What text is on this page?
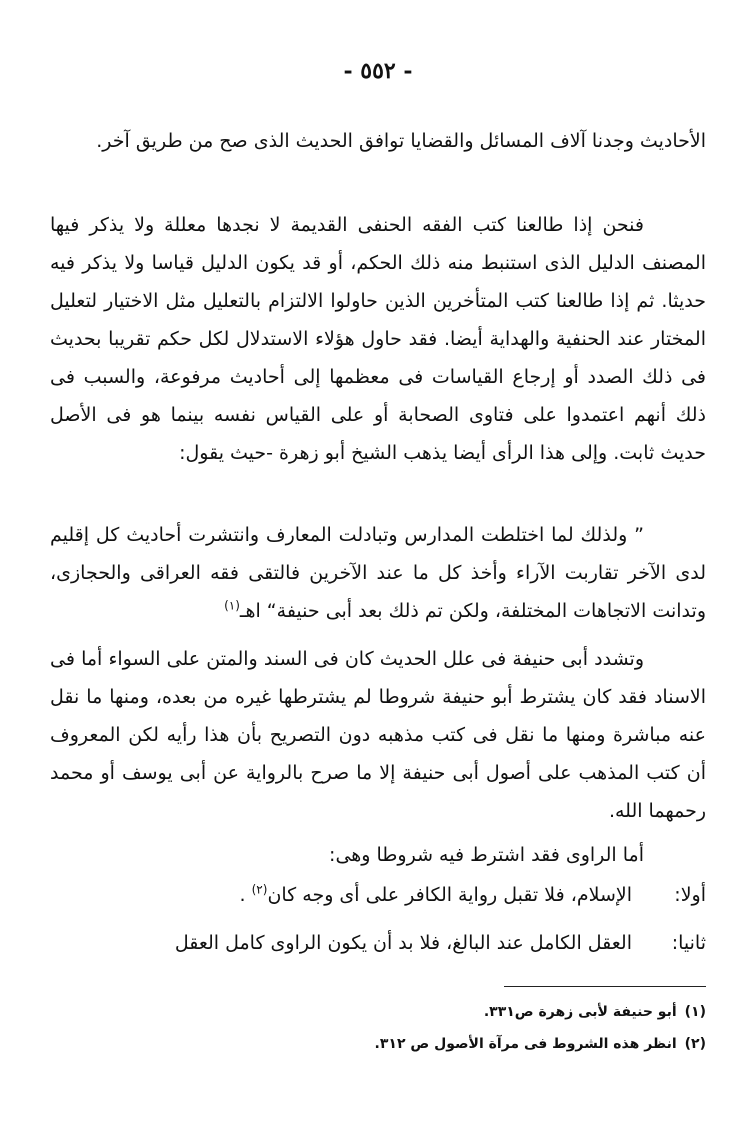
- ٥٥٢ -

الأحاديث وجدنا آلاف المسائل والقضايا توافق الحديث الذى صح من طريق آخر.

فنحن إذا طالعنا كتب الفقه الحنفى القديمة لا نجدها معللة ولا يذكر فيها المصنف الدليل الذى استنبط منه ذلك الحكم، أو قد يكون الدليل قياسا ولا يذكر فيه حديثا. ثم إذا طالعنا كتب المتأخرين الذين حاولوا الالتزام بالتعليل مثل الاختيار لتعليل المختار عند الحنفية والهداية أيضا. فقد حاول هؤلاء الاستدلال لكل حكم تقريبا بحديث فى ذلك الصدد أو إرجاع القياسات فى معظمها إلى أحاديث مرفوعة، والسبب فى ذلك أنهم اعتمدوا على فتاوى الصحابة أو على القياس نفسه بينما هو فى الأصل حديث ثابت. وإلى هذا الرأى أيضا يذهب الشيخ أبو زهرة -حيث يقول:

” ولذلك لما اختلطت المدارس وتبادلت المعارف وانتشرت أحاديث كل إقليم لدى الآخر تقاربت الآراء وأخذ كل ما عند الآخرين فالتقى فقه العراقى والحجازى، وتدانت الاتجاهات المختلفة، ولكن تم ذلك بعد أبى حنيفة“ اهـ$^{(١)}$

وتشدد أبى حنيفة فى علل الحديث كان فى السند والمتن على السواء أما فى الاسناد فقد كان يشترط أبو حنيفة شروطا لم يشترطها غيره من بعده، ومنها ما نقل عنه مباشرة ومنها ما نقل فى كتب مذهبه دون التصريح بأن هذا رأيه لكن المعروف أن كتب المذهب على أصول أبى حنيفة إلا ما صرح بالرواية عن أبى يوسف أو محمد رحمهما الله.

أما الراوى فقد اشترط فيه شروطا وهى:

أولا:
الإسلام، فلا تقبل رواية الكافر على أى وجه كان$^{(٢)}$ .
ثانيا:
العقل الكامل عند البالغ، فلا بد أن يكون الراوى كامل العقل
(١)أبو حنيفة لأبى زهرة ص٣٣١.
(٢)انظر هذه الشروط فى مرآة الأصول ص ٣١٢.
